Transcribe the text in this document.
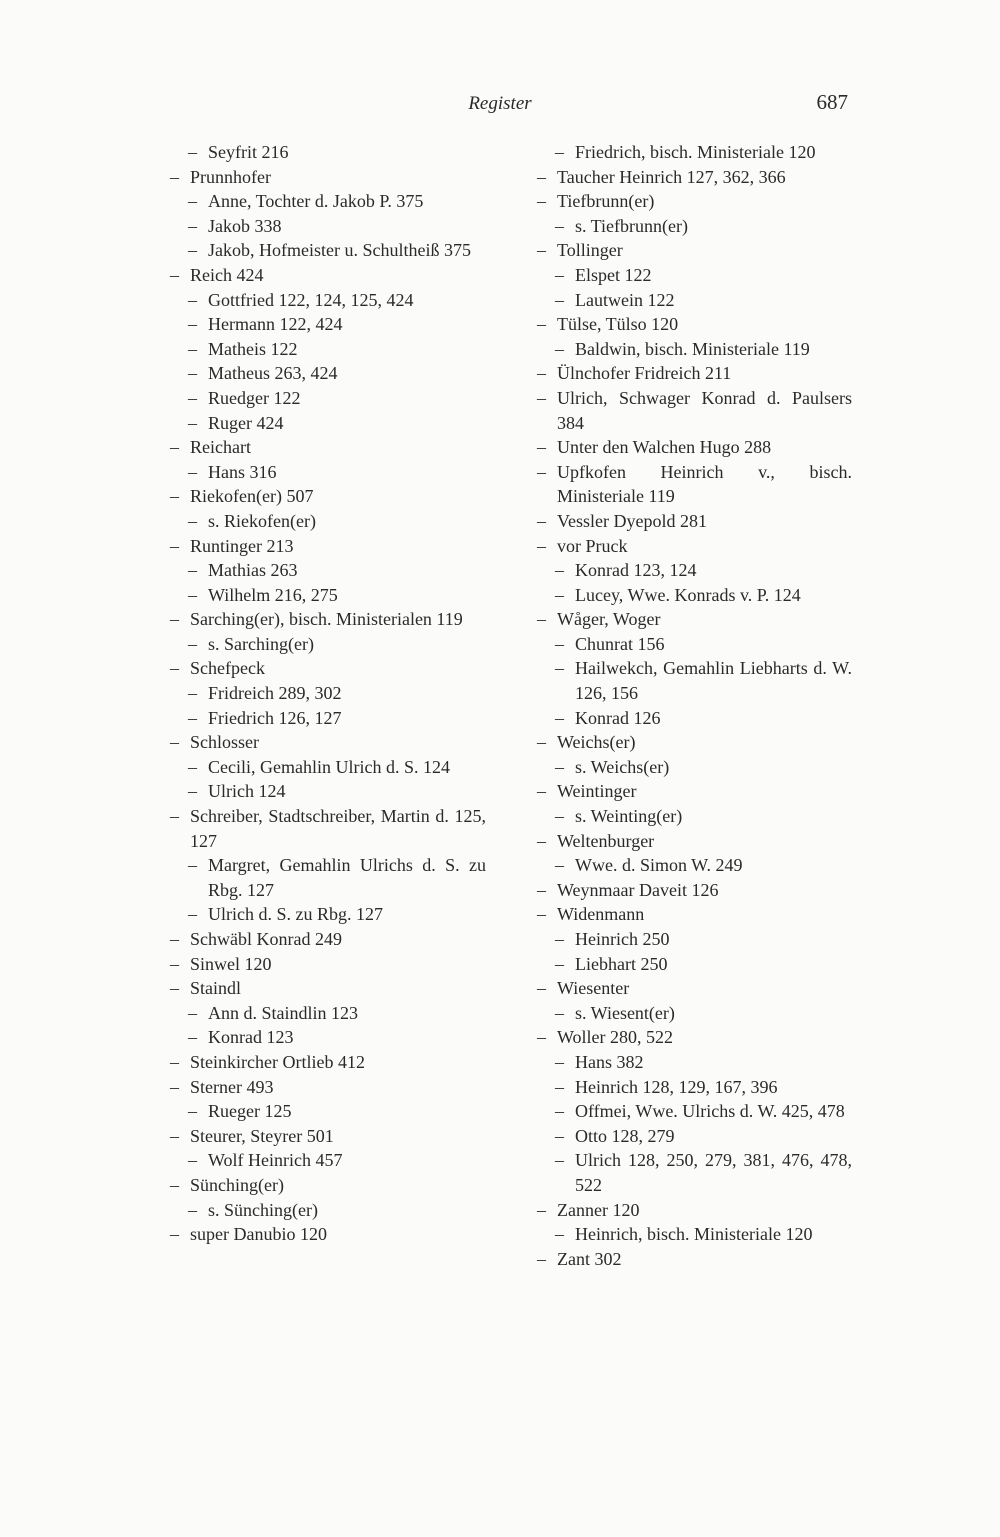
Register	687
– Seyfrit 216
– Prunnhofer
– Anne, Tochter d. Jakob P. 375
– Jakob 338
– Jakob, Hofmeister u. Schultheiß 375
– Reich 424
– Gottfried 122, 124, 125, 424
– Hermann 122, 424
– Matheis 122
– Matheus 263, 424
– Ruedger 122
– Ruger 424
– Reichart
– Hans 316
– Riekofen(er) 507
– s. Riekofen(er)
– Runtinger 213
– Mathias 263
– Wilhelm 216, 275
– Sarching(er), bisch. Ministerialen 119
– s. Sarching(er)
– Schefpeck
– Fridreich 289, 302
– Friedrich 126, 127
– Schlosser
– Cecili, Gemahlin Ulrich d. S. 124
– Ulrich 124
– Schreiber, Stadtschreiber, Martin d. 125, 127
– Margret, Gemahlin Ulrichs d. S. zu Rbg. 127
– Ulrich d. S. zu Rbg. 127
– Schwäbl Konrad 249
– Sinwel 120
– Staindl
– Ann d. Staindlin 123
– Konrad 123
– Steinkircher Ortlieb 412
– Sterner 493
– Rueger 125
– Steurer, Steyrer 501
– Wolf Heinrich 457
– Sünching(er)
– s. Sünching(er)
– super Danubio 120
– Friedrich, bisch. Ministeriale 120
– Taucher Heinrich 127, 362, 366
– Tiefbrunn(er)
– s. Tiefbrunn(er)
– Tollinger
– Elspet 122
– Lautwein 122
– Tülse, Tülso 120
– Baldwin, bisch. Ministeriale 119
– Ülnchofer Fridreich 211
– Ulrich, Schwager Konrad d. Paulsers 384
– Unter den Walchen Hugo 288
– Upfkofen Heinrich v., bisch. Ministeriale 119
– Vessler Dyepold 281
– vor Pruck
– Konrad 123, 124
– Lucey, Wwe. Konrads v. P. 124
– Wåger, Woger
– Chunrat 156
– Hailwekch, Gemahlin Liebharts d. W. 126, 156
– Konrad 126
– Weichs(er)
– s. Weichs(er)
– Weintinger
– s. Weinting(er)
– Weltenburger
– Wwe. d. Simon W. 249
– Weynmaar Daveit 126
– Widenmann
– Heinrich 250
– Liebhart 250
– Wiesenter
– s. Wiesent(er)
– Woller 280, 522
– Hans 382
– Heinrich 128, 129, 167, 396
– Offmei, Wwe. Ulrichs d. W. 425, 478
– Otto 128, 279
– Ulrich 128, 250, 279, 381, 476, 478, 522
– Zanner 120
– Heinrich, bisch. Ministeriale 120
– Zant 302
